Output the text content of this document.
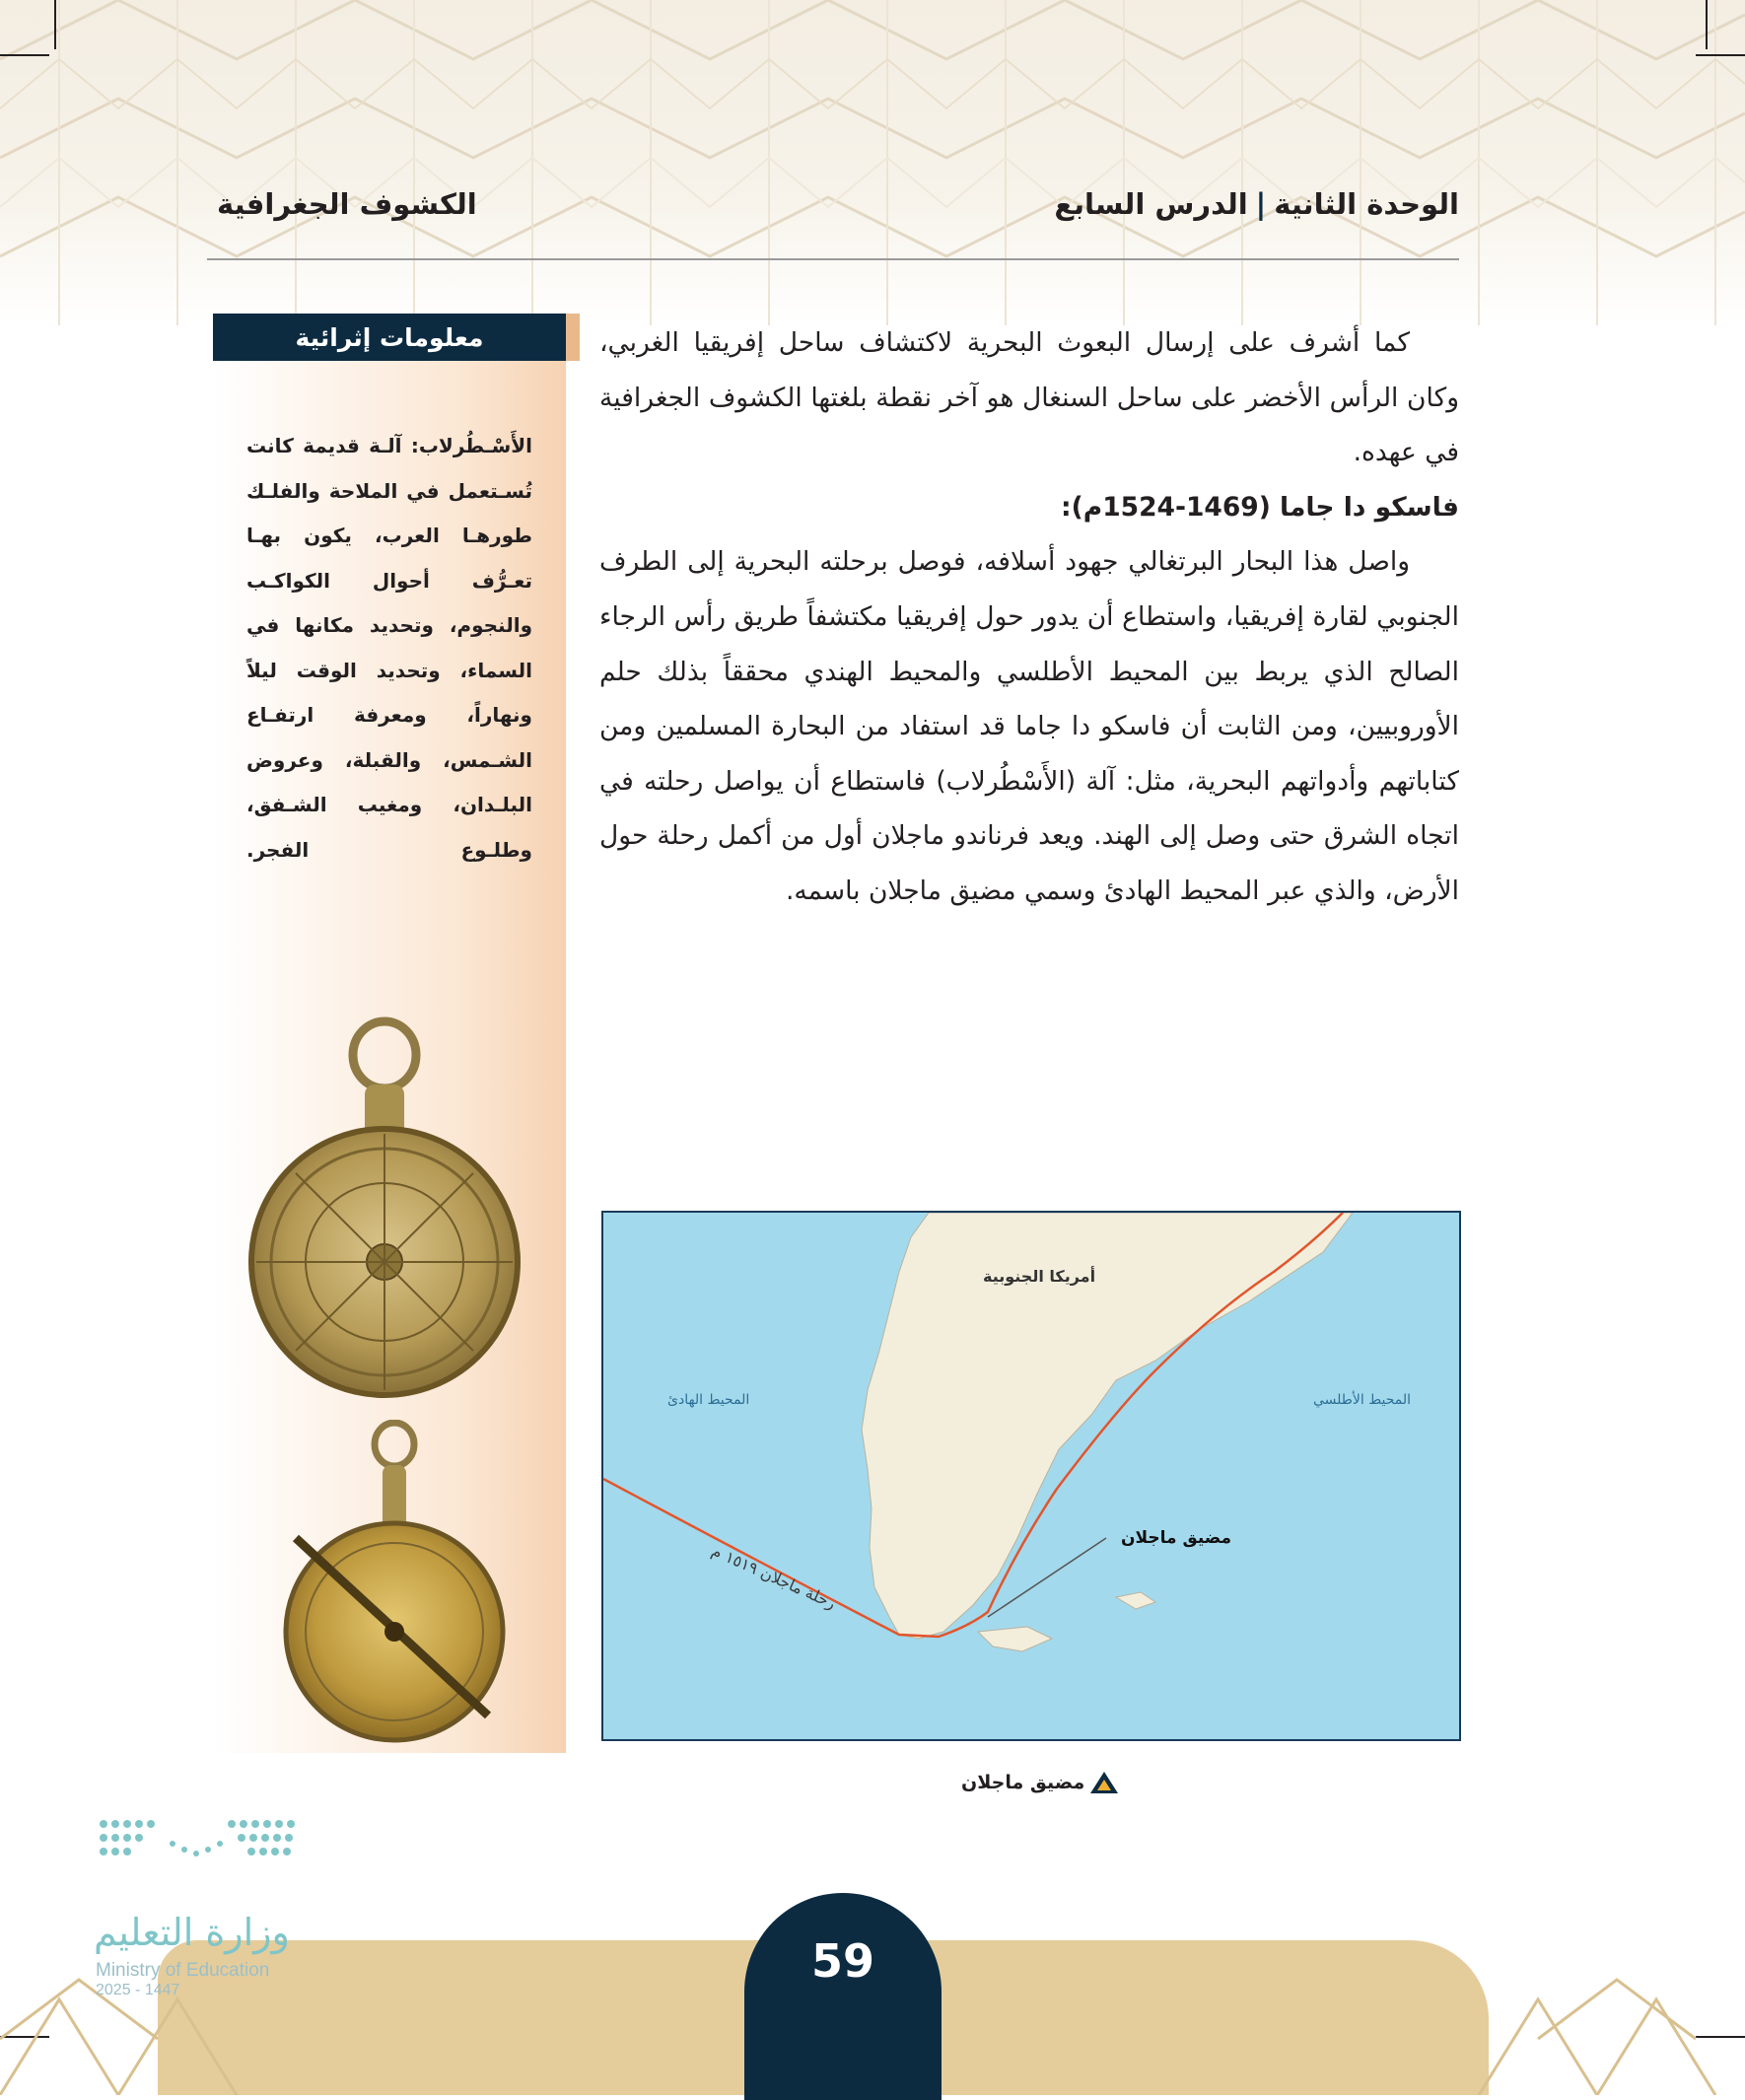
الوحدة الثانية|الدرس السابع
الكشوف الجغرافية
معلومات إثرائية

الأَسْـطُرلاب: آلـة قديمة كانت تُسـتعمل في الملاحة والفلـك طورهـا العرب، يكون بهـا تعـرُّف أحوال الكواكـب والنجوم، وتحديد مكانها في السماء، وتحديد الوقت ليلاً ونهاراً، ومعرفة ارتفـاع الشـمس، والقبلة، وعروض البلـدان، ومغيب الشـفق، وطلـوع الفجر.

كما أشرف على إرسال البعوث البحرية لاكتشاف ساحل إفريقيا الغربي، وكان الرأس الأخضر على ساحل السنغال هو آخر نقطة بلغتها الكشوف الجغرافية في عهده.

فاسكو دا جاما (1469-1524م):

واصل هذا البحار البرتغالي جهود أسلافه، فوصل برحلته البحرية إلى الطرف الجنوبي لقارة إفريقيا، واستطاع أن يدور حول إفريقيا مكتشفاً طريق رأس الرجاء الصالح الذي يربط بين المحيط الأطلسي والمحيط الهندي محققاً بذلك حلم الأوروبيين، ومن الثابت أن فاسكو دا جاما قد استفاد من البحارة المسلمين ومن كتاباتهم وأدواتهم البحرية، مثل: آلة (الأَسْطُرلاب) فاستطاع أن يواصل رحلته في اتجاه الشرق حتى وصل إلى الهند. ويعد فرناندو ماجلان أول من أكمل رحلة حول الأرض، والذي عبر المحيط الهادئ وسمي مضيق ماجلان باسمه.

أمريكا الجنوبية
المحيط الهادئ	المحيط الأطلسي
مضيق ماجلان
رحلة ماجلان ١٥١٩ م
مضيق ماجلان
59
وزارة التعليم
Ministry of Education
2025 - 1447
